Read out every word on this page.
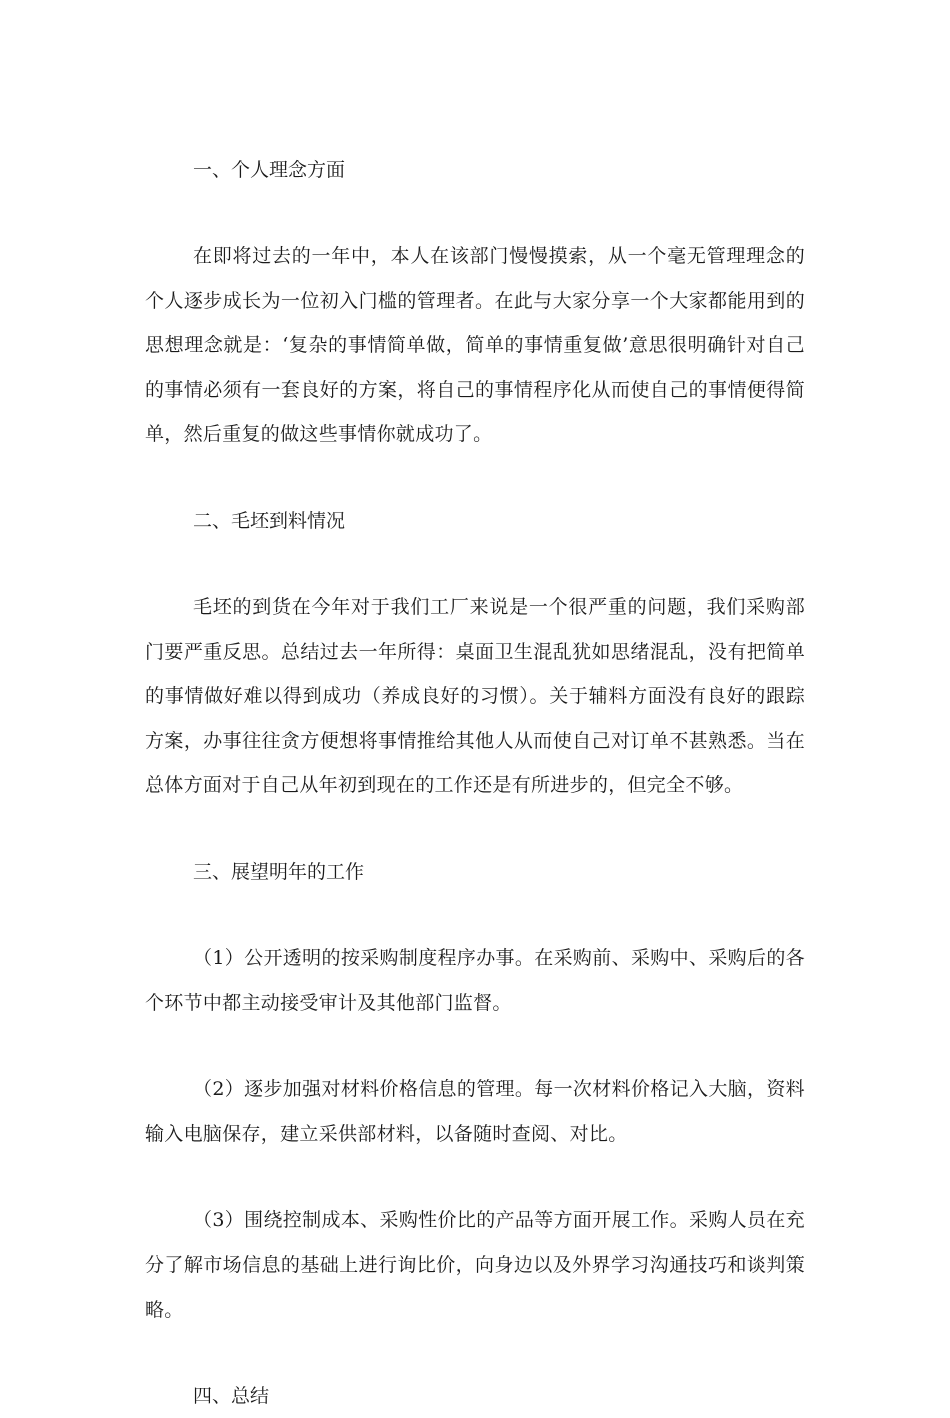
一、个人理念方面

在即将过去的一年中，本人在该部门慢慢摸索，从一个毫无管理理念的个人逐步成长为一位初入门槛的管理者。在此与大家分享一个大家都能用到的思想理念就是：‘复杂的事情简单做，简单的事情重复做’意思很明确针对自己的事情必须有一套良好的方案，将自己的事情程序化从而使自己的事情便得简单，然后重复的做这些事情你就成功了。

二、毛坯到料情况

毛坯的到货在今年对于我们工厂来说是一个很严重的问题，我们采购部门要严重反思。总结过去一年所得：桌面卫生混乱犹如思绪混乱，没有把简单的事情做好难以得到成功（养成良好的习惯）。关于辅料方面没有良好的跟踪方案，办事往往贪方便想将事情推给其他人从而使自己对订单不甚熟悉。当在总体方面对于自己从年初到现在的工作还是有所进步的，但完全不够。

三、展望明年的工作

（1）公开透明的按采购制度程序办事。在采购前、采购中、采购后的各个环节中都主动接受审计及其他部门监督。

（2）逐步加强对材料价格信息的管理。每一次材料价格记入大脑，资料输入电脑保存，建立采供部材料，以备随时查阅、对比。

（3）围绕控制成本、采购性价比的产品等方面开展工作。采购人员在充分了解市场信息的基础上进行询比价，向身边以及外界学习沟通技巧和谈判策略。

四、总结
